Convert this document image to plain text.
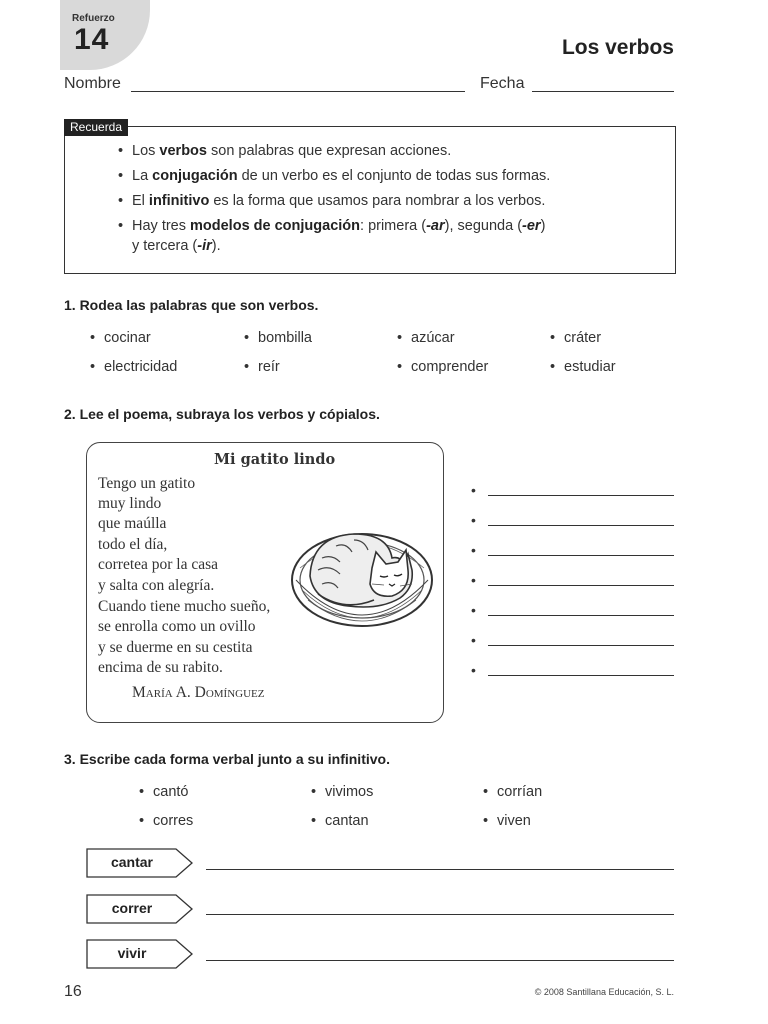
Refuerzo
14	Los verbos
Nombre	Fecha
Recuerda
• Los verbos son palabras que expresan acciones.
• La conjugación de un verbo es el conjunto de todas sus formas.
• El infinitivo es la forma que usamos para nombrar a los verbos.
• Hay tres modelos de conjugación: primera (-ar), segunda (-er)
y tercera (-ir).
1. Rodea las palabras que son verbos.
• cocinar	• bombilla	• azúcar	• cráter
• electricidad	• reír	• comprender	• estudiar
2. Lee el poema, subraya los verbos y cópialos.
Mi gatito lindo
Tengo un gatito
muy lindo
que maúlla
todo el día,
corretea por la casa
y salta con alegría.
Cuando tiene mucho sueño,
se enrolla como un ovillo
y se duerme en su cestita
encima de su rabito.
María A. Domínguez
•
•
•
•
•
•
•
3. Escribe cada forma verbal junto a su infinitivo.
• cantó	• vivimos	• corrían
• corres	• cantan	• viven
cantar
correr
vivir
16	© 2008 Santillana Educación, S. L.
